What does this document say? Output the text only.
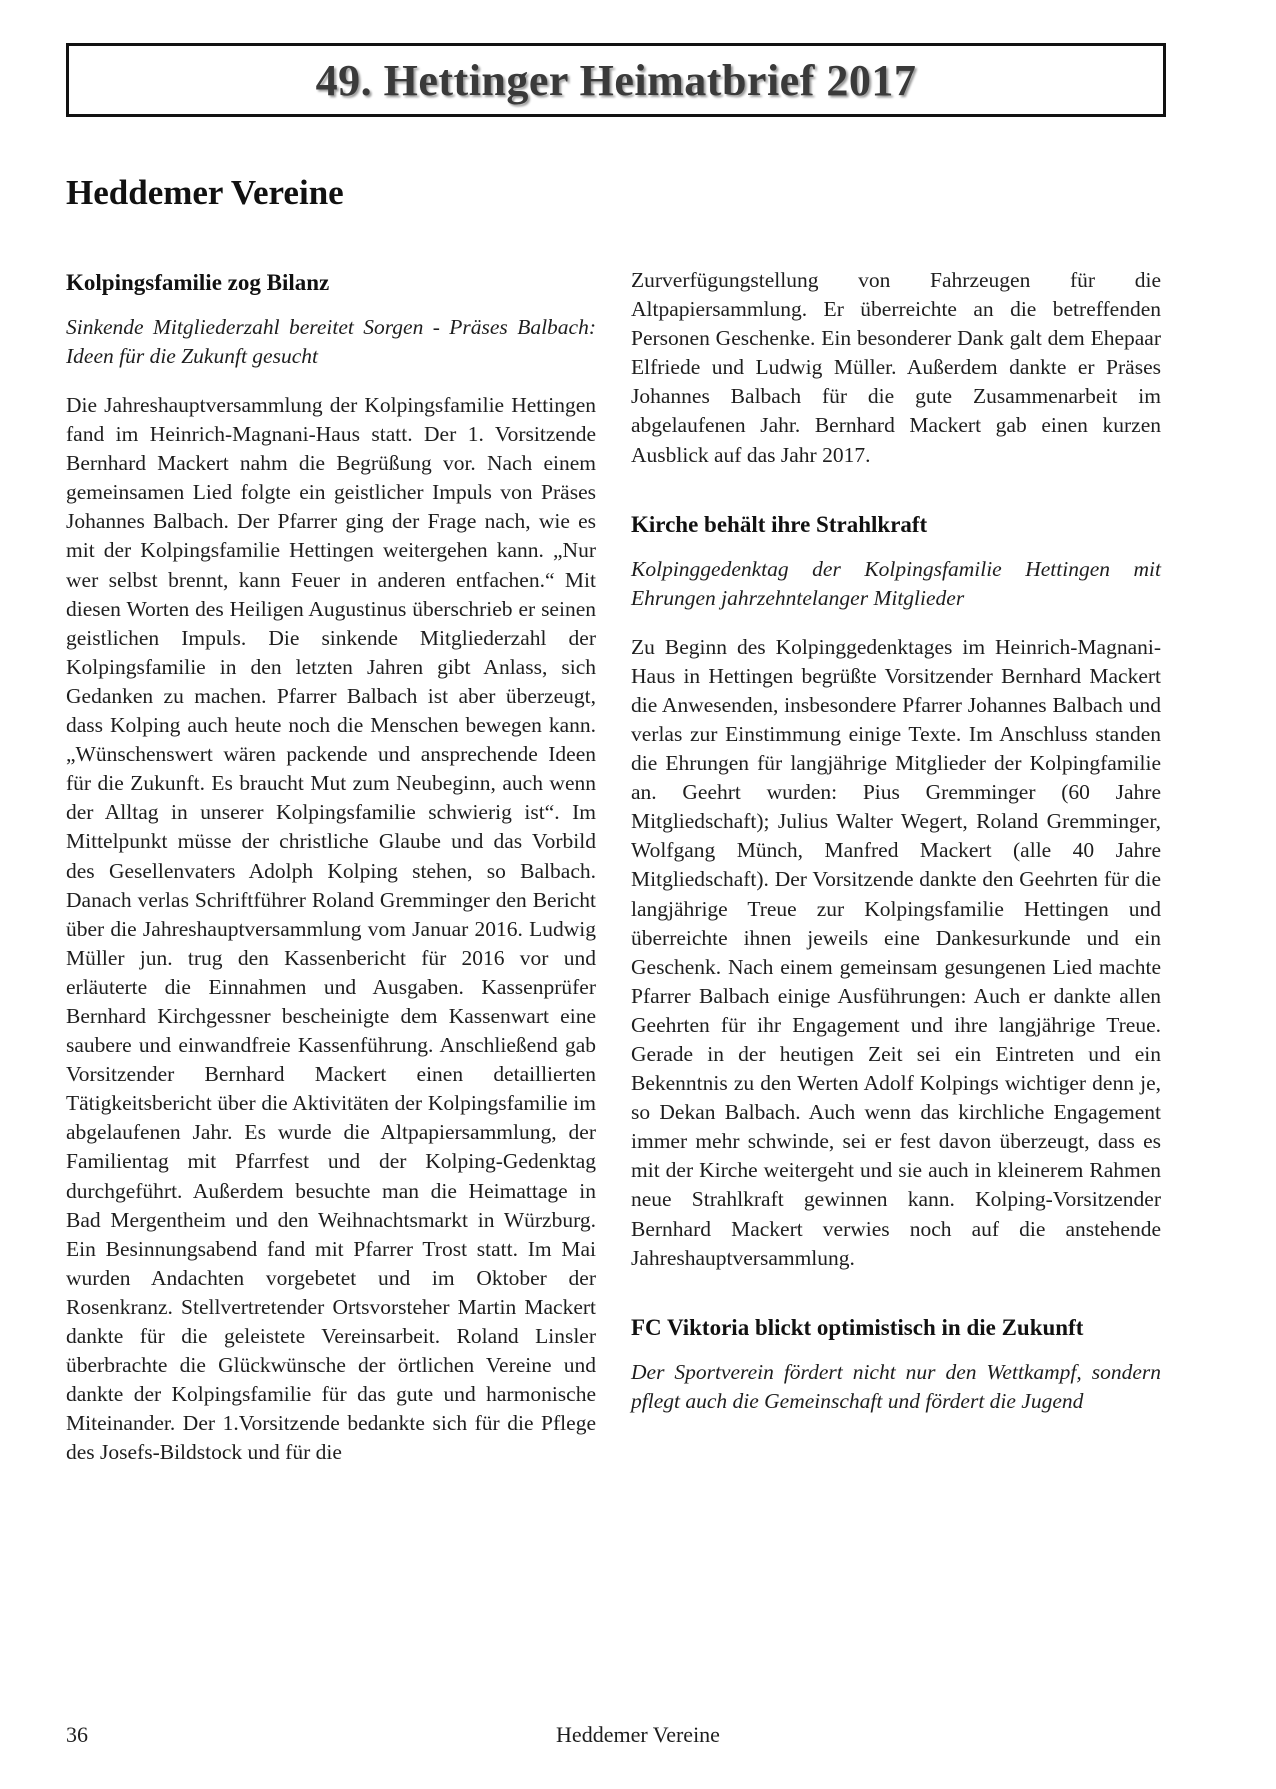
49. Hettinger Heimatbrief 2017
Heddemer Vereine
Kolpingsfamilie zog Bilanz
Sinkende Mitgliederzahl bereitet Sorgen - Präses Balbach: Ideen für die Zukunft gesucht

Die Jahreshauptversammlung der Kolpingsfamilie Hettingen fand im Heinrich-Magnani-Haus statt. Der 1. Vorsitzende Bernhard Mackert nahm die Begrüßung vor. Nach einem gemeinsamen Lied folgte ein geistlicher Impuls von Präses Johannes Balbach. Der Pfarrer ging der Frage nach, wie es mit der Kolpingsfamilie Hettingen weitergehen kann. „Nur wer selbst brennt, kann Feuer in anderen entfachen.“ Mit diesen Worten des Heiligen Augustinus überschrieb er seinen geistlichen Impuls. Die sinkende Mitgliederzahl der Kolpingsfamilie in den letzten Jahren gibt Anlass, sich Gedanken zu machen. Pfarrer Balbach ist aber überzeugt, dass Kolping auch heute noch die Menschen bewegen kann. „Wünschenswert wären packende und ansprechende Ideen für die Zukunft. Es braucht Mut zum Neubeginn, auch wenn der Alltag in unserer Kolpingsfamilie schwierig ist“. Im Mittelpunkt müsse der christliche Glaube und das Vorbild des Gesellenvaters Adolph Kolping stehen, so Balbach. Danach verlas Schriftführer Roland Gremminger den Bericht über die Jahreshauptversammlung vom Januar 2016. Ludwig Müller jun. trug den Kassenbericht für 2016 vor und erläuterte die Einnahmen und Ausgaben. Kassenprüfer Bernhard Kirchgessner bescheinigte dem Kassenwart eine saubere und einwandfreie Kassenführung. Anschließend gab Vorsitzender Bernhard Mackert einen detaillierten Tätigkeitsbericht über die Aktivitäten der Kolpingsfamilie im abgelaufenen Jahr. Es wurde die Altpapiersammlung, der Familientag mit Pfarrfest und der Kolping-Gedenktag durchgeführt. Außerdem besuchte man die Heimattage in Bad Mergentheim und den Weihnachtsmarkt in Würzburg. Ein Besinnungsabend fand mit Pfarrer Trost statt. Im Mai wurden Andachten vorgebetet und im Oktober der Rosenkranz. Stellvertretender Ortsvorsteher Martin Mackert dankte für die geleistete Vereinsarbeit. Roland Linsler überbrachte die Glückwünsche der örtlichen Vereine und dankte der Kolpingsfamilie für das gute und harmonische Miteinander. Der 1.Vorsitzende bedankte sich für die Pflege des Josefs-Bildstock und für die

Zurverfügungstellung von Fahrzeugen für die Altpapiersammlung. Er überreichte an die betreffenden Personen Geschenke. Ein besonderer Dank galt dem Ehepaar Elfriede und Ludwig Müller. Außerdem dankte er Präses Johannes Balbach für die gute Zusammenarbeit im abgelaufenen Jahr. Bernhard Mackert gab einen kurzen Ausblick auf das Jahr 2017.

Kirche behält ihre Strahlkraft
Kolpinggedenktag der Kolpingsfamilie Hettingen mit Ehrungen jahrzehntelanger Mitglieder

Zu Beginn des Kolpinggedenktages im Heinrich-Magnani-Haus in Hettingen begrüßte Vorsitzender Bernhard Mackert die Anwesenden, insbesondere Pfarrer Johannes Balbach und verlas zur Einstimmung einige Texte. Im Anschluss standen die Ehrungen für langjährige Mitglieder der Kolpingfamilie an. Geehrt wurden: Pius Gremminger (60 Jahre Mitgliedschaft); Julius Walter Wegert, Roland Gremminger, Wolfgang Münch, Manfred Mackert (alle 40 Jahre Mitgliedschaft). Der Vorsitzende dankte den Geehrten für die langjährige Treue zur Kolpingsfamilie Hettingen und überreichte ihnen jeweils eine Dankesurkunde und ein Geschenk. Nach einem gemeinsam gesungenen Lied machte Pfarrer Balbach einige Ausführungen: Auch er dankte allen Geehrten für ihr Engagement und ihre langjährige Treue. Gerade in der heutigen Zeit sei ein Eintreten und ein Bekenntnis zu den Werten Adolf Kolpings wichtiger denn je, so Dekan Balbach. Auch wenn das kirchliche Engagement immer mehr schwinde, sei er fest davon überzeugt, dass es mit der Kirche weitergeht und sie auch in kleinerem Rahmen neue Strahlkraft gewinnen kann. Kolping-Vorsitzender Bernhard Mackert verwies noch auf die anstehende Jahreshauptversammlung.

FC Viktoria blickt optimistisch in die Zukunft
Der Sportverein fördert nicht nur den Wettkampf, sondern pflegt auch die Gemeinschaft und fördert die Jugend
36	Heddemer Vereine
